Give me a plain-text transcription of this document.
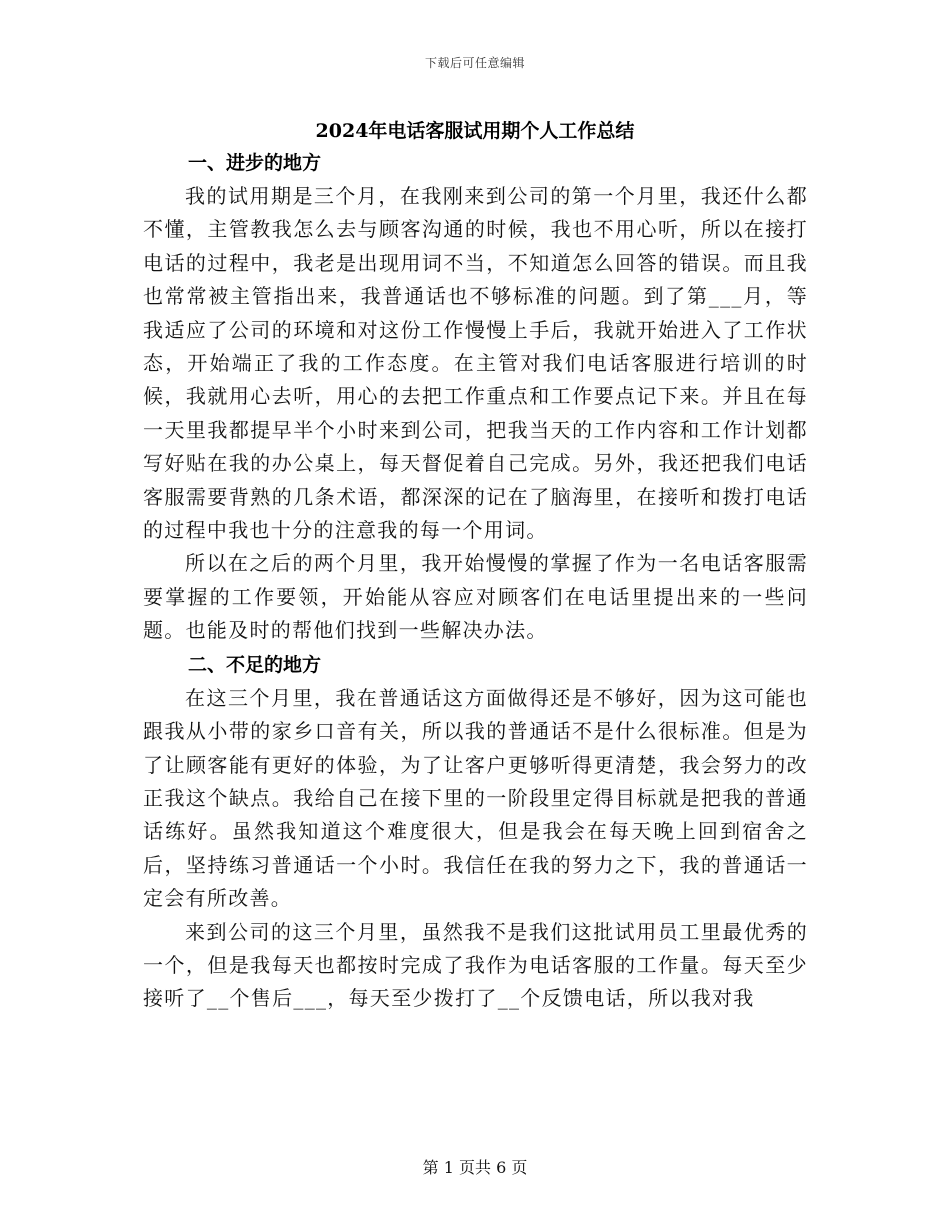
下载后可任意编辑
2024年电话客服试用期个人工作总结
一、进步的地方

我的试用期是三个月，在我刚来到公司的第一个月里，我还什么都不懂，主管教我怎么去与顾客沟通的时候，我也不用心听，所以在接打电话的过程中，我老是出现用词不当，不知道怎么回答的错误。而且我也常常被主管指出来，我普通话也不够标准的问题。到了第___月，等我适应了公司的环境和对这份工作慢慢上手后，我就开始进入了工作状态，开始端正了我的工作态度。在主管对我们电话客服进行培训的时候，我就用心去听，用心的去把工作重点和工作要点记下来。并且在每一天里我都提早半个小时来到公司，把我当天的工作内容和工作计划都写好贴在我的办公桌上，每天督促着自己完成。另外，我还把我们电话客服需要背熟的几条术语，都深深的记在了脑海里，在接听和拨打电话的过程中我也十分的注意我的每一个用词。

所以在之后的两个月里，我开始慢慢的掌握了作为一名电话客服需要掌握的工作要领，开始能从容应对顾客们在电话里提出来的一些问题。也能及时的帮他们找到一些解决办法。

二、不足的地方

在这三个月里，我在普通话这方面做得还是不够好，因为这可能也跟我从小带的家乡口音有关，所以我的普通话不是什么很标准。但是为了让顾客能有更好的体验，为了让客户更够听得更清楚，我会努力的改正我这个缺点。我给自己在接下里的一阶段里定得目标就是把我的普通话练好。虽然我知道这个难度很大，但是我会在每天晚上回到宿舍之后，坚持练习普通话一个小时。我信任在我的努力之下，我的普通话一定会有所改善。

来到公司的这三个月里，虽然我不是我们这批试用员工里最优秀的一个，但是我每天也都按时完成了我作为电话客服的工作量。每天至少接听了__个售后___，每天至少拨打了__个反馈电话，所以我对我

第 1 页共 6 页
